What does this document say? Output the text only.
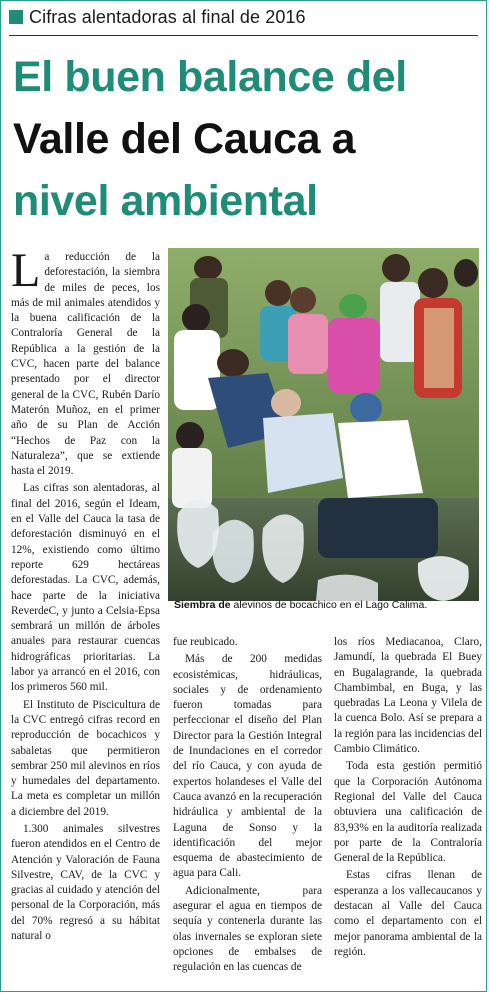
Cifras alentadoras al final de 2016
El buen balance del
Valle del Cauca a
nivel ambiental

La reducción de la deforestación, la siembra de miles de peces, los más de mil animales atendidos y la buena calificación de la Contraloría General de la República a la gestión de la CVC, hacen parte del balance presentado por el director general de la CVC, Rubén Darío Materón Muñoz, en el primer año de su Plan de Acción “Hechos de Paz con la Naturaleza”, que se extiende hasta el 2019.

Las cifras son alentadoras, al final del 2016, según el Ideam, en el Valle del Cauca la tasa de deforestación disminuyó en el 12%, existiendo como último reporte 629 hectáreas deforestadas. La CVC, además, hace parte de la iniciativa ReverdeC, y junto a Celsia-Epsa sembrará un millón de árboles anuales para restaurar cuencas hidrográficas prioritarias. La labor ya arrancó en el 2016, con los primeros 560 mil.

El Instituto de Piscicultura de la CVC entregó cifras record en reproducción de bocachicos y sabaletas que permitieron sembrar 250 mil alevinos en ríos y humedales del departamento. La meta es completar un millón a diciembre del 2019.

1.300 animales silvestres fueron atendidos en el Centro de Atención y Valoración de Fauna Silvestre, CAV, de la CVC y gracias al cuidado y atención del personal de la Corporación, más del 70% regresó a su hábitat natural o

Siembra de alevinos de bocachico en el Lago Calima.

fue reubicado.

Más de 200 medidas ecosistémicas, hidráulicas, sociales y de ordenamiento fueron tomadas para perfeccionar el diseño del Plan Director para la Gestión Integral de Inundaciones en el corredor del río Cauca, y con ayuda de expertos holandeses el Valle del Cauca avanzó en la recuperación hidráulica y ambiental de la Laguna de Sonso y la identificación del mejor esquema de abastecimiento de agua para Cali.

Adicionalmente, para asegurar el agua en tiempos de sequía y contenerla durante las olas invernales se exploran siete opciones de embalses de regulación en las cuencas de

los ríos Mediacanoa, Claro, Jamundí, la quebrada El Buey en Bugalagrande, la quebrada Chambimbal, en Buga, y las quebradas La Leona y Vilela de la cuenca Bolo. Así se prepara a la región para las incidencias del Cambio Climático.

Toda esta gestión permitió que la Corporación Autónoma Regional del Valle del Cauca obtuviera una calificación de 83,93% en la auditoría realizada por parte de la Contraloría General de la República.

Estas cifras llenan de esperanza a los vallecaucanos y destacan al Valle del Cauca como el departamento con el mejor panorama ambiental de la región.
